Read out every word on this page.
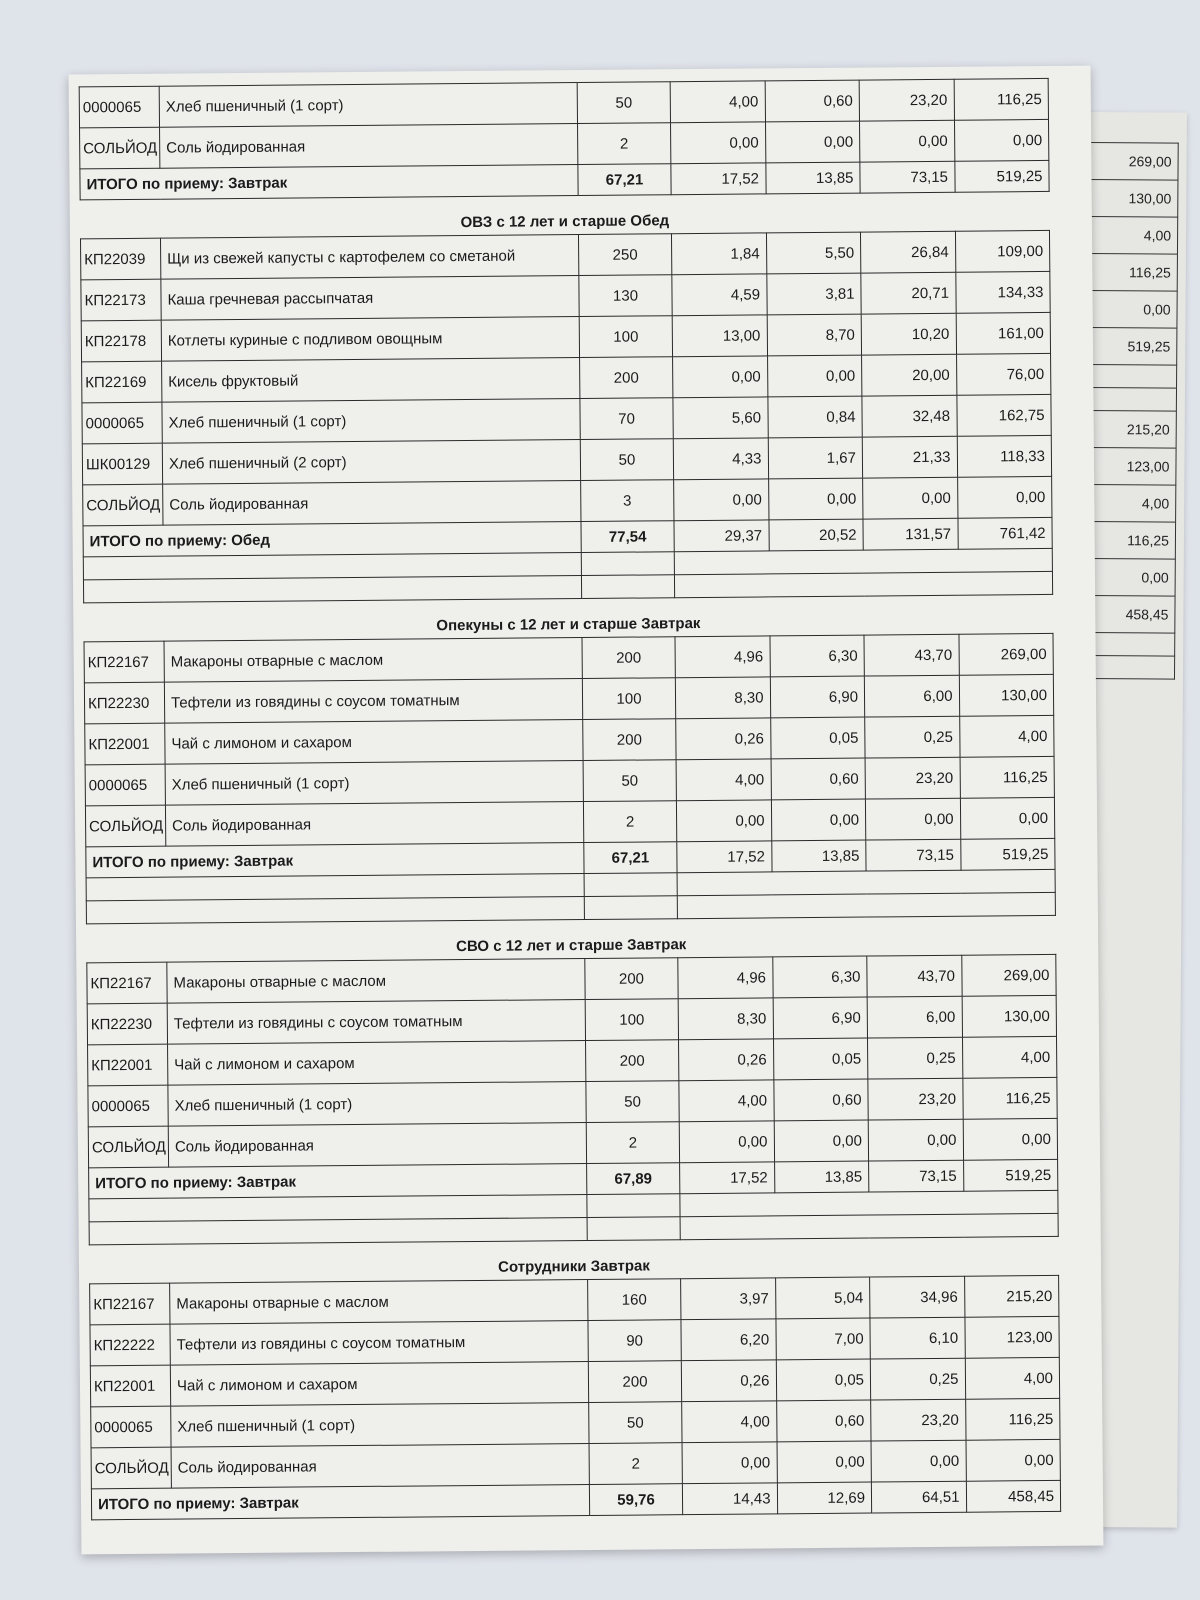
269,00
130,00
4,00
116,25
0,00
519,25

215,20
123,00
4,00
116,25
0,00
458,45

0000065	Хлеб пшеничный (1 сорт)	50	4,00	0,60	23,20	116,25
СОЛЬЙОД	Соль йодированная	2	0,00	0,00	0,00	0,00
ИТОГО по приему: Завтрак		67,21	17,52	13,85	73,15	519,25
ОВЗ с 12 лет и старше Обед
КП22039	Щи из свежей капусты с картофелем со сметаной	250	1,84	5,50	26,84	109,00
КП22173	Каша гречневая рассыпчатая	130	4,59	3,81	20,71	134,33
КП22178	Котлеты куриные с подливом овощным	100	13,00	8,70	10,20	161,00
КП22169	Кисель фруктовый	200	0,00	0,00	20,00	76,00
0000065	Хлеб пшеничный (1 сорт)	70	5,60	0,84	32,48	162,75
ШК00129	Хлеб пшеничный (2 сорт)	50	4,33	1,67	21,33	118,33
СОЛЬЙОД	Соль йодированная	3	0,00	0,00	0,00	0,00
ИТОГО по приему: Обед		77,54	29,37	20,52	131,57	761,42

Опекуны с 12 лет и старше Завтрак
КП22167	Макароны отварные с маслом	200	4,96	6,30	43,70	269,00
КП22230	Тефтели из говядины с соусом томатным	100	8,30	6,90	6,00	130,00
КП22001	Чай с лимоном и сахаром	200	0,26	0,05	0,25	4,00
0000065	Хлеб пшеничный (1 сорт)	50	4,00	0,60	23,20	116,25
СОЛЬЙОД	Соль йодированная	2	0,00	0,00	0,00	0,00
ИТОГО по приему: Завтрак		67,21	17,52	13,85	73,15	519,25

СВО с 12 лет и старше Завтрак
КП22167	Макароны отварные с маслом	200	4,96	6,30	43,70	269,00
КП22230	Тефтели из говядины с соусом томатным	100	8,30	6,90	6,00	130,00
КП22001	Чай с лимоном и сахаром	200	0,26	0,05	0,25	4,00
0000065	Хлеб пшеничный (1 сорт)	50	4,00	0,60	23,20	116,25
СОЛЬЙОД	Соль йодированная	2	0,00	0,00	0,00	0,00
ИТОГО по приему: Завтрак		67,89	17,52	13,85	73,15	519,25

Сотрудники Завтрак
КП22167	Макароны отварные с маслом	160	3,97	5,04	34,96	215,20
КП22222	Тефтели из говядины с соусом томатным	90	6,20	7,00	6,10	123,00
КП22001	Чай с лимоном и сахаром	200	0,26	0,05	0,25	4,00
0000065	Хлеб пшеничный (1 сорт)	50	4,00	0,60	23,20	116,25
СОЛЬЙОД	Соль йодированная	2	0,00	0,00	0,00	0,00
ИТОГО по приему: Завтрак		59,76	14,43	12,69	64,51	458,45
